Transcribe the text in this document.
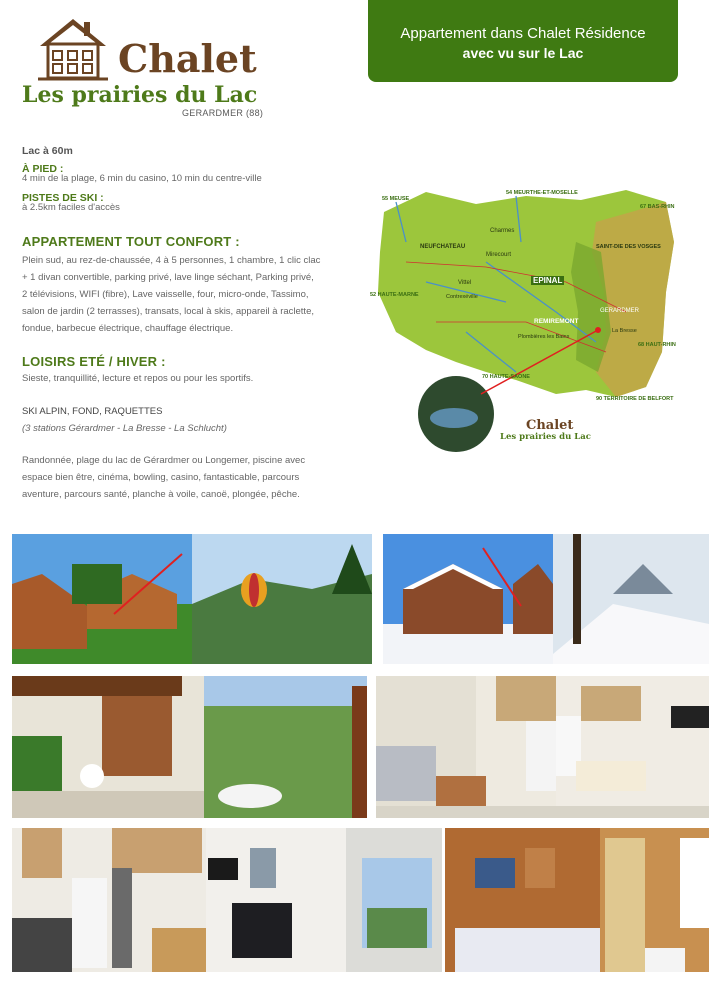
Chalet

Les prairies du Lac

GERARDMER (88)
Appartement dans Chalet Résidence
avec vu sur le Lac

Lac à 60m

À PIED :

4 min de la plage, 6 min du casino, 10 min du centre-ville

PISTES DE SKI :

à 2.5km faciles d'accès

APPARTEMENT TOUT CONFORT :

Plein sud, au rez-de-chaussée, 4 à 5 personnes, 1 chambre, 1 clic clac

+ 1 divan convertible, parking privé, lave linge séchant, Parking privé,

2 télévisions, WIFI (fibre), Lave vaisselle, four, micro-onde, Tassimo,

salon de jardin (2 terrasses), transats, local à skis, appareil à raclette,

fondue, barbecue électrique, chauffage électrique.

LOISIRS ETÉ / HIVER :

Sieste, tranquillité, lecture et repos ou pour les sportifs.

SKI ALPIN, FOND, RAQUETTES

(3 stations Gérardmer - La Bresse - La Schlucht)

Randonnée, plage du lac de Gérardmer ou Longemer, piscine avec

espace bien être, cinéma, bowling, casino, fantasticable, parcours

aventure, parcours santé, planche à voile, canoë, plongée, pêche.

EPINAL
GERARDMER
REMIREMONT
NEUFCHATEAU	SAINT-DIE DES VOSGES
Vittel
Mirecourt
Charmes
Contrexéville
La Bresse
Plombières les Bains
54 MEURTHE-ET-MOSELLE
55 MEUSE
52 HAUTE-MARNE
70 HAUTE-SAONE
68 HAUT-RHIN
67 BAS-RHIN
90 TERRITOIRE DE BELFORT
Chalet
Les prairies du Lac
